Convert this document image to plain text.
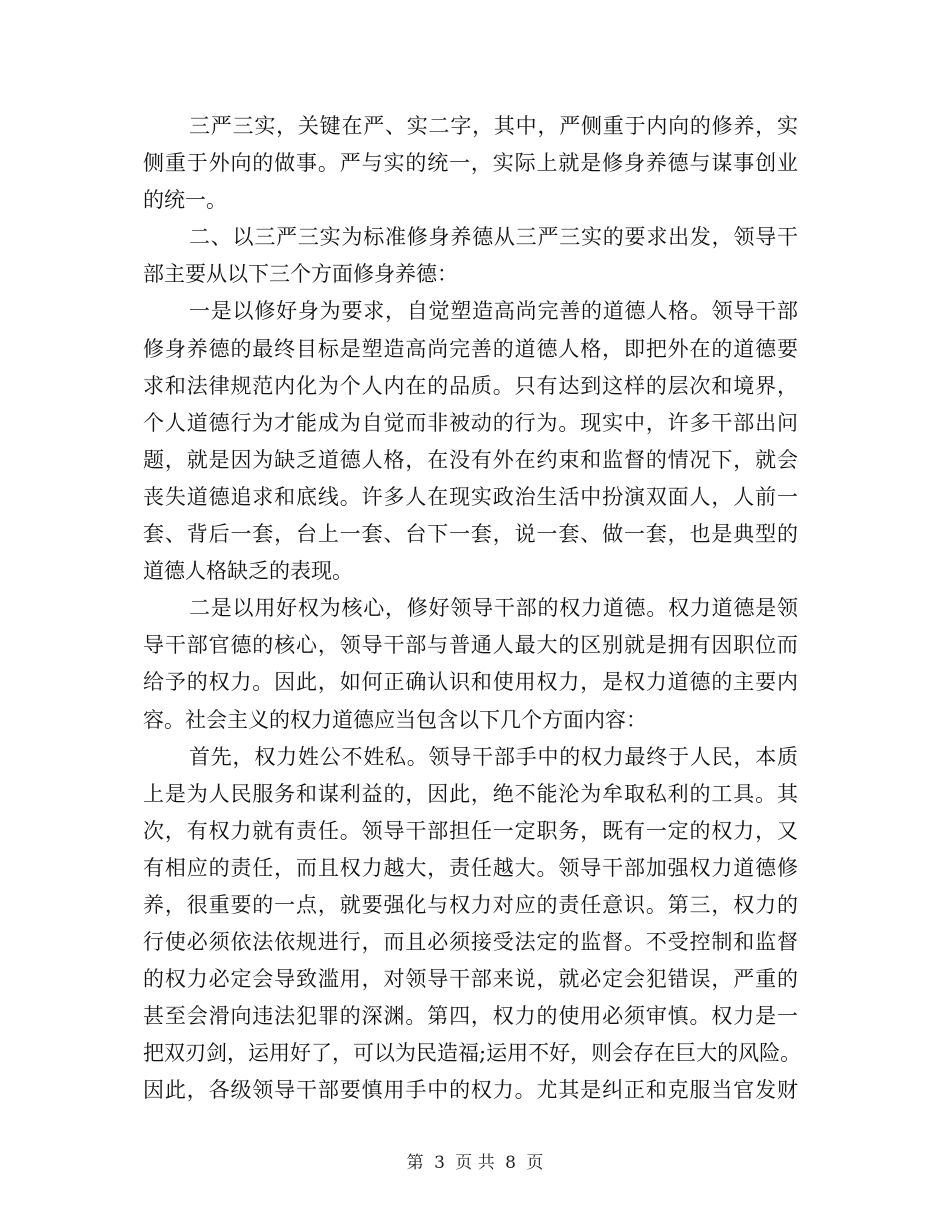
三严三实，关键在严、实二字，其中，严侧重于内向的修养，实
侧重于外向的做事。严与实的统一，实际上就是修身养德与谋事创业
的统一。
二、以三严三实为标准修身养德从三严三实的要求出发，领导干
部主要从以下三个方面修身养德：
一是以修好身为要求，自觉塑造高尚完善的道德人格。领导干部
修身养德的最终目标是塑造高尚完善的道德人格，即把外在的道德要
求和法律规范内化为个人内在的品质。只有达到这样的层次和境界，
个人道德行为才能成为自觉而非被动的行为。现实中，许多干部出问
题，就是因为缺乏道德人格，在没有外在约束和监督的情况下，就会
丧失道德追求和底线。许多人在现实政治生活中扮演双面人，人前一
套、背后一套，台上一套、台下一套，说一套、做一套，也是典型的
道德人格缺乏的表现。
二是以用好权为核心，修好领导干部的权力道德。权力道德是领
导干部官德的核心，领导干部与普通人最大的区别就是拥有因职位而
给予的权力。因此，如何正确认识和使用权力，是权力道德的主要内
容。社会主义的权力道德应当包含以下几个方面内容：
首先，权力姓公不姓私。领导干部手中的权力最终于人民，本质
上是为人民服务和谋利益的，因此，绝不能沦为牟取私利的工具。其
次，有权力就有责任。领导干部担任一定职务，既有一定的权力，又
有相应的责任，而且权力越大，责任越大。领导干部加强权力道德修
养，很重要的一点，就要强化与权力对应的责任意识。第三，权力的
行使必须依法依规进行，而且必须接受法定的监督。不受控制和监督
的权力必定会导致滥用，对领导干部来说，就必定会犯错误，严重的
甚至会滑向违法犯罪的深渊。第四，权力的使用必须审慎。权力是一
把双刃剑，运用好了，可以为民造福;运用不好，则会存在巨大的风险。
因此，各级领导干部要慎用手中的权力。尤其是纠正和克服当官发财
第 3 页 共 8 页
